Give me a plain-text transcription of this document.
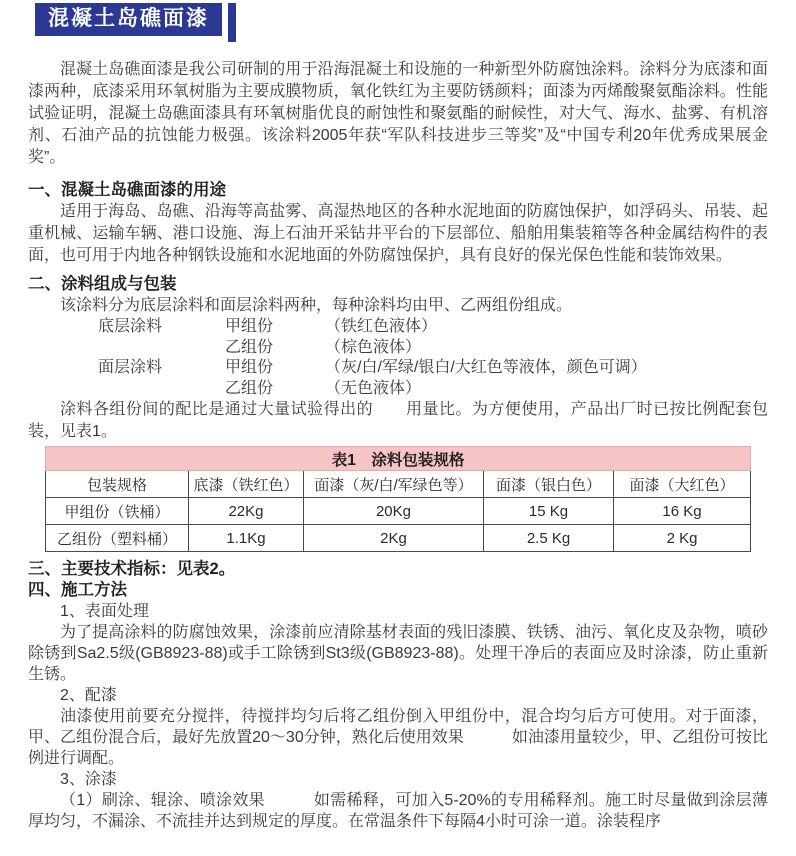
混凝土岛礁面漆

混凝土岛礁面漆是我公司研制的用于沿海混凝土和设施的一种新型外防腐蚀涂料。涂料分为底漆和面漆两种，底漆采用环氧树脂为主要成膜物质，氧化铁红为主要防锈颜料；面漆为丙烯酸聚氨酯涂料。性能试验证明，混凝土岛礁面漆具有环氧树脂优良的耐蚀性和聚氨酯的耐候性，对大气、海水、盐雾、有机溶剂、石油产品的抗蚀能力极强。该涂料2005年获“军队科技进步三等奖”及“中国专利20年优秀成果展金奖”。

一、混凝土岛礁面漆的用途

适用于海岛、岛礁、沿海等高盐雾、高湿热地区的各种水泥地面的防腐蚀保护，如浮码头、吊装、起重机械、运输车辆、港口设施、海上石油开采钻井平台的下层部位、船舶用集装箱等各种金属结构件的表面，也可用于内地各种钢铁设施和水泥地面的外防腐蚀保护，具有良好的保光保色性能和装饰效果。

二、涂料组成与包装

该涂料分为底层涂料和面层涂料两种，每种涂料均由甲、乙两组份组成。

底层涂料	甲组份	（铁红色液体）
乙组份	（棕色液体）
面层涂料	甲组份	（灰/白/军绿/银白/大红色等液体，颜色可调）
乙组份	（无色液体）

涂料各组份间的配比是通过大量试验得出的　　用量比。为方便使用，产品出厂时已按比例配套包装，见表1。

表1　涂料包装规格				
包装规格	底漆（铁红色）	面漆（灰/白/军绿色等）	面漆（银白色）	面漆（大红色）
甲组份（铁桶）	22Kg	20Kg	15 Kg	16 Kg
乙组份（塑料桶）	1.1Kg	2Kg	2.5 Kg	2 Kg
三、主要技术指标：见表2。
四、施工方法

1、表面处理

为了提高涂料的防腐蚀效果，涂漆前应清除基材表面的残旧漆膜、铁锈、油污、氧化皮及杂物，喷砂除锈到Sa2.5级(GB8923-88)或手工除锈到St3级(GB8923-88)。处理干净后的表面应及时涂漆，防止重新生锈。

2、配漆

油漆使用前要充分搅拌，待搅拌均匀后将乙组份倒入甲组份中，混合均匀后方可使用。对于面漆，甲、乙组份混合后，最好先放置20～30分钟，熟化后使用效果　　　如油漆用量较少，甲、乙组份可按比例进行调配。

3、涂漆

（1）刷涂、辊涂、喷涂效果　　　如需稀释，可加入5-20%的专用稀释剂。施工时尽量做到涂层薄厚均匀，不漏涂、不流挂并达到规定的厚度。在常温条件下每隔4小时可涂一道。涂装程序
